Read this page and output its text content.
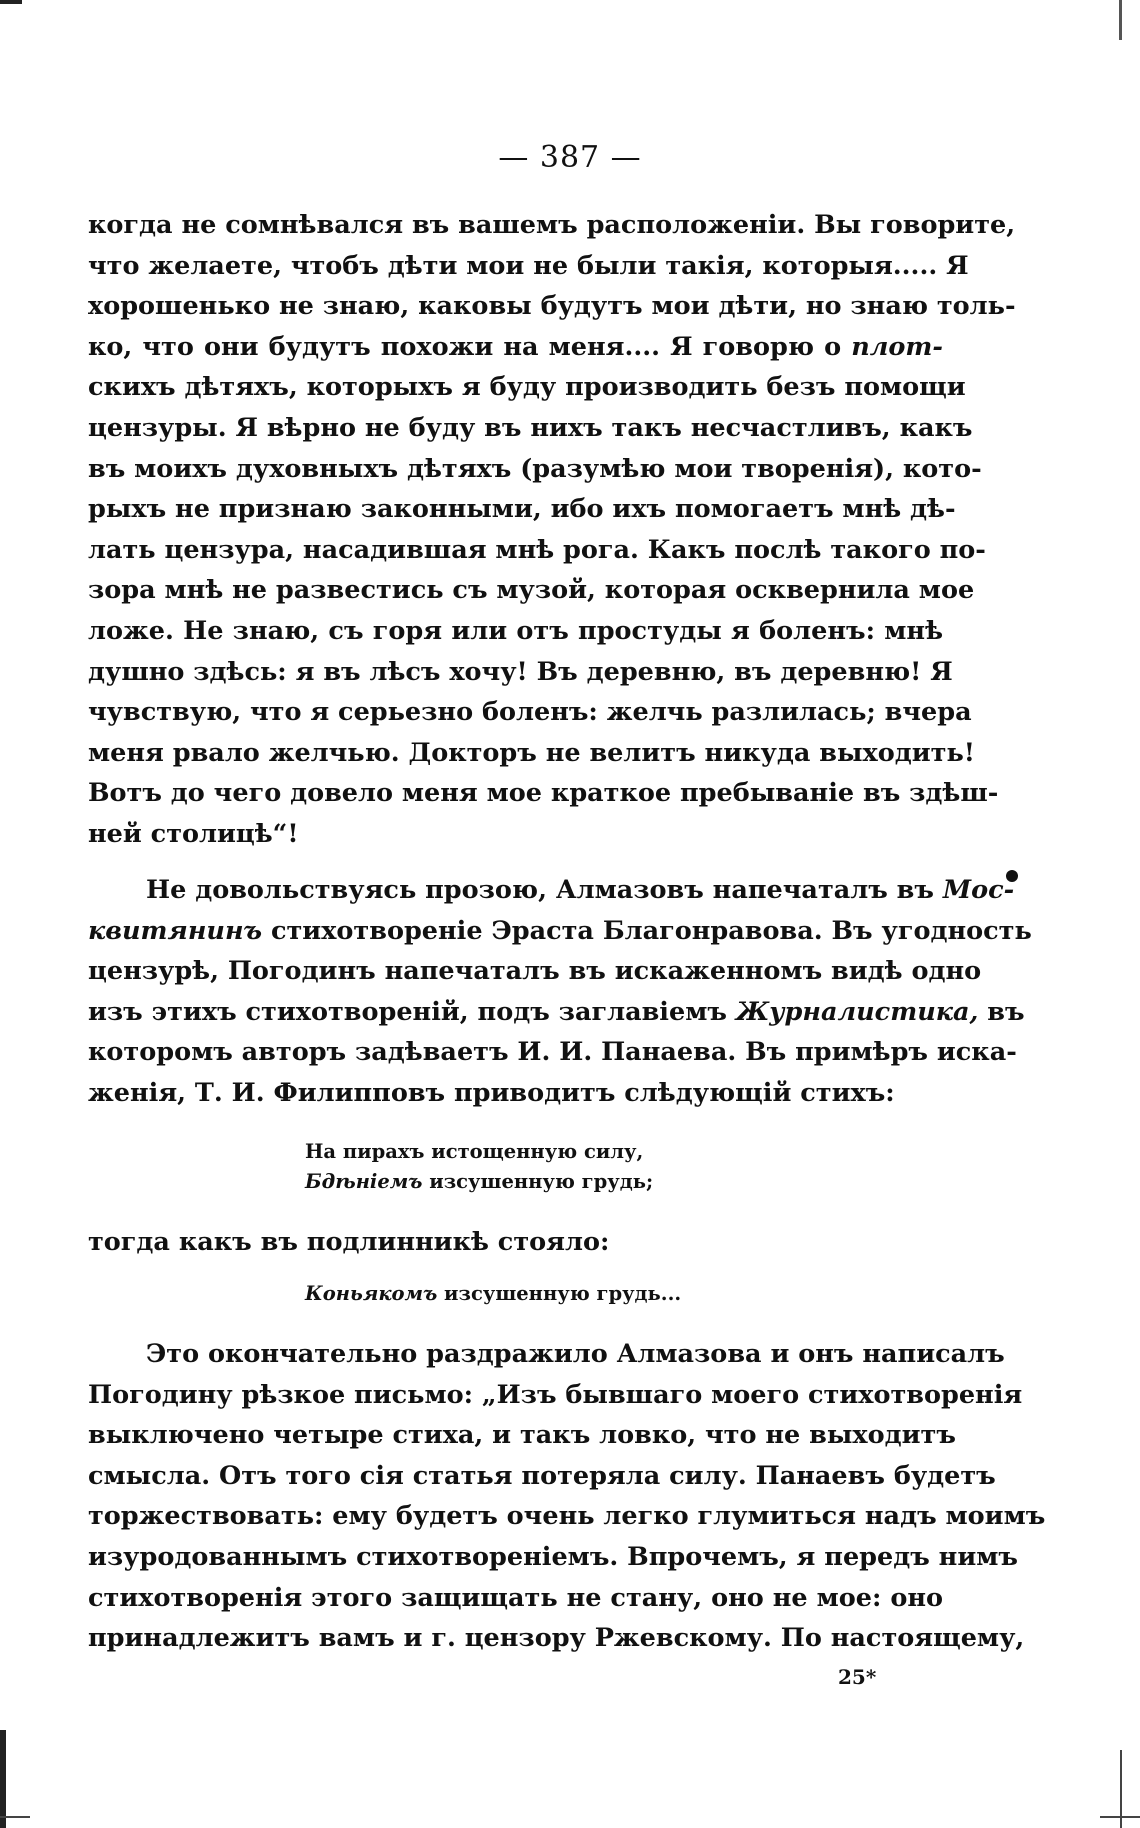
— 387 —
когда не сомнѣвался въ вашемъ расположеніи. Вы говорите,
что желаете, чтобъ дѣти мои не были такія, которыя..... Я
хорошенько не знаю, каковы будутъ мои дѣти, но знаю толь-
ко, что они будутъ похожи на меня.... Я говорю о плот-
скихъ дѣтяхъ, которыхъ я буду производить безъ помощи
цензуры. Я вѣрно не буду въ нихъ такъ несчастливъ, какъ
въ моихъ духовныхъ дѣтяхъ (разумѣю мои творенія), кото-
рыхъ не признаю законными, ибо ихъ помогаетъ мнѣ дѣ-
лать цензура, насадившая мнѣ рога. Какъ послѣ такого по-
зора мнѣ не развестись съ музой, которая осквернила мое
ложе. Не знаю, съ горя или отъ простуды я боленъ: мнѣ
душно здѣсь: я въ лѣсъ хочу! Въ деревню, въ деревню! Я
чувствую, что я серьезно боленъ: желчь разлилась; вчера
меня рвало желчью. Докторъ не велитъ никуда выходить!
Вотъ до чего довело меня мое краткое пребываніе въ здѣш-
ней столицѣ“!
Не довольствуясь прозою, Алмазовъ напечаталъ въ Мос-
квитянинъ стихотвореніе Эраста Благонравова. Въ угодность
цензурѣ, Погодинъ напечаталъ въ искаженномъ видѣ одно
изъ этихъ стихотвореній, подъ заглавіемъ Журналистика, въ
которомъ авторъ задѣваетъ И. И. Панаева. Въ примѣръ иска-
женія, Т. И. Филипповъ приводитъ слѣдующій стихъ:
На пирахъ истощенную силу,
Бдѣніемъ изсушенную грудь;
тогда какъ въ подлинникѣ стояло:
Коньякомъ изсушенную грудь...
Это окончательно раздражило Алмазова и онъ написалъ
Погодину рѣзкое письмо: „Изъ бывшаго моего стихотворенія
выключено четыре стиха, и такъ ловко, что не выходитъ
смысла. Отъ того сія статья потеряла силу. Панаевъ будетъ
торжествовать: ему будетъ очень легко глумиться надъ моимъ
изуродованнымъ стихотвореніемъ. Впрочемъ, я передъ нимъ
стихотворенія этого защищать не стану, оно не мое: оно
принадлежитъ вамъ и г. цензору Ржевскому. По настоящему,
25*
